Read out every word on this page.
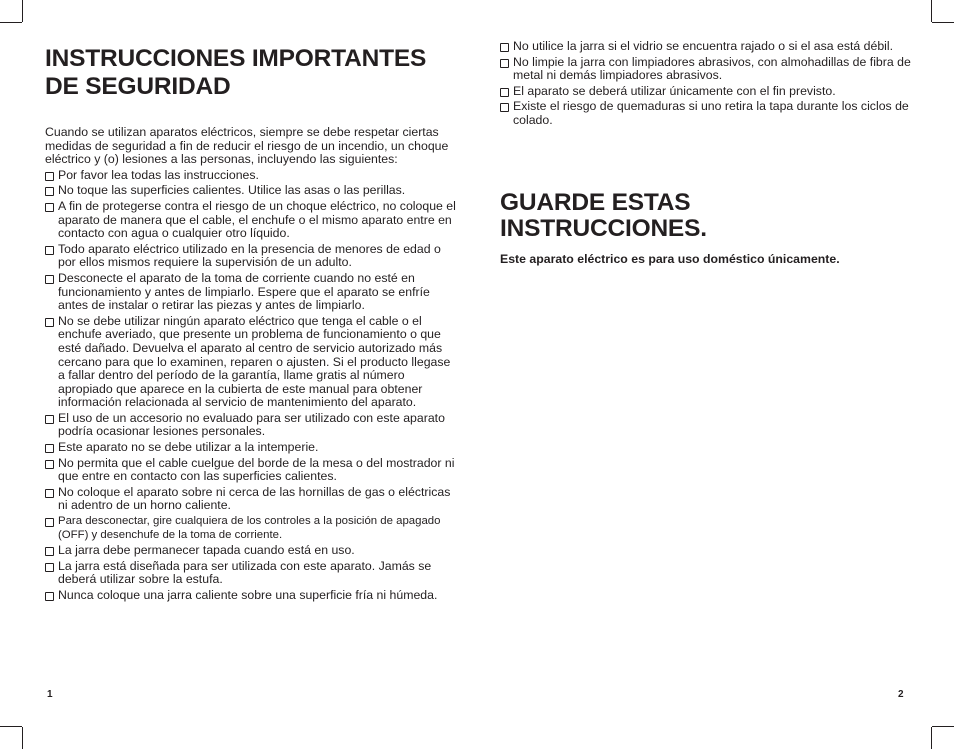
INSTRUCCIONES IMPORTANTES
DE SEGURIDAD

Cuando se utilizan aparatos eléctricos, siempre se debe respetar ciertas medidas de seguridad a fin de reducir el riesgo de un incendio, un choque eléctrico y (o) lesiones a las personas, incluyendo las siguientes:

Por favor lea todas las instrucciones.
No toque las superficies calientes. Utilice las asas o las perillas.
A fin de protegerse contra el riesgo de un choque eléctrico, no coloque el aparato de manera que el cable, el enchufe o el mismo aparato entre en contacto con agua o cualquier otro líquido.
Todo aparato eléctrico utilizado en la presencia de menores de edad o por ellos mismos requiere la supervisión de un adulto.
Desconecte el aparato de la toma de corriente cuando no esté en funcionamiento y antes de limpiarlo. Espere que el aparato se enfríe antes de instalar o retirar las piezas y antes de limpiarlo.
No se debe utilizar ningún aparato eléctrico que tenga el cable o el enchufe averiado, que presente un problema de funcionamiento o que esté dañado. Devuelva el aparato al centro de servicio autorizado más cercano para que lo examinen, reparen o ajusten. Si el producto llegase a fallar dentro del período de la garantía, llame gratis al número apropiado que aparece en la cubierta de este manual para obtener información relacionada al servicio de mantenimiento del aparato.
El uso de un accesorio no evaluado para ser utilizado con este aparato podría ocasionar lesiones personales.
Este aparato no se debe utilizar a la intemperie.
No permita que el cable cuelgue del borde de la mesa o del mostrador ni que entre en contacto con las superficies calientes.
No coloque el aparato sobre ni cerca de las hornillas de gas o eléctricas ni adentro de un horno caliente.
Para desconectar, gire cualquiera de los controles a la posición de apagado (OFF) y desenchufe de la toma de corriente.
La jarra debe permanecer tapada cuando está en uso.
La jarra está diseñada para ser utilizada con este aparato. Jamás se deberá utilizar sobre la estufa.
Nunca coloque una jarra caliente sobre una superficie fría ni húmeda.
No utilice la jarra si el vidrio se encuentra rajado o si el asa está débil.
No limpie la jarra con limpiadores abrasivos, con almohadillas de fibra de metal ni demás limpiadores abrasivos.
El aparato se deberá utilizar únicamente con el fin previsto.
Existe el riesgo de quemaduras si uno retira la tapa durante los ciclos de colado.
GUARDE ESTAS
INSTRUCCIONES.

Este aparato eléctrico es para uso doméstico únicamente.

1	2
